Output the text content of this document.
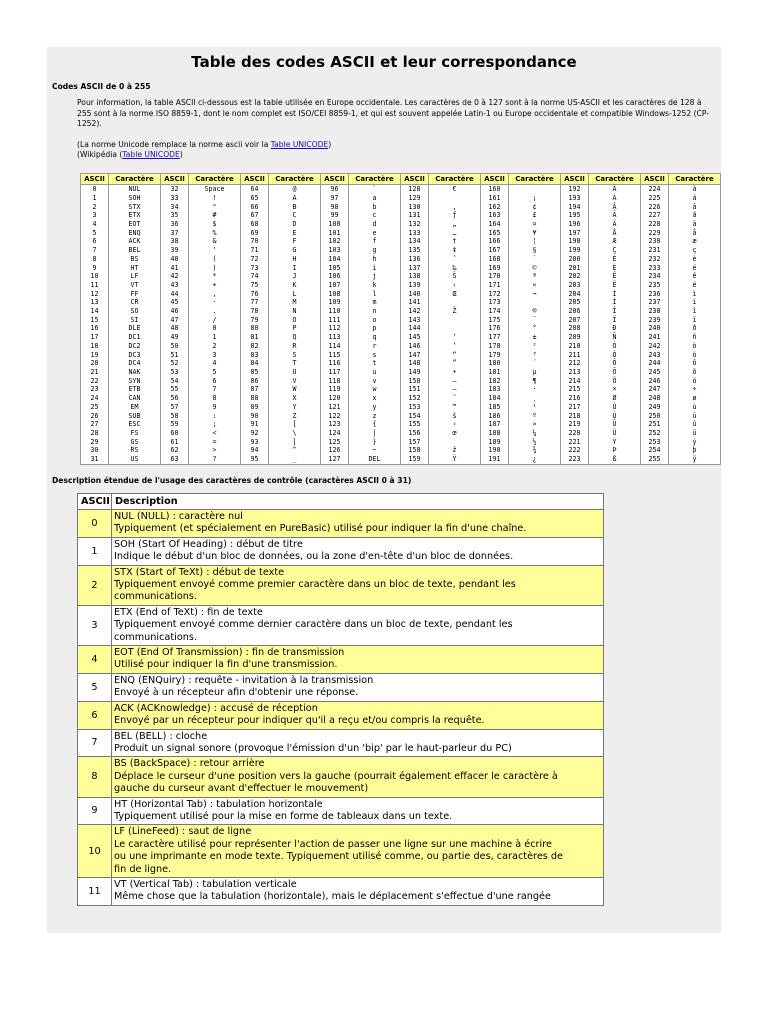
Table des codes ASCII et leur correspondance
Codes ASCII de 0 à 255
Pour information, la table ASCII ci-dessous est la table utilisée en Europe occidentale. Les caractères de 0 à 127 sont à la norme US-ASCII et les caractères de 128 à 255 sont à la norme ISO 8859-1, dont le nom complet est ISO/CEI 8859-1, et qui est souvent appelée Latin-1 ou Europe occidentale et compatible Windows-1252 (CP-1252).
(La norme Unicode remplace la norme ascii voir la Table UNICODE)
(Wikipédia (Table UNICODE)
ASCII	Caractère	ASCII	Caractère	ASCII	Caractère	ASCII	Caractère	ASCII	Caractère	ASCII	Caractère	ASCII	Caractère	ASCII	Caractère
0	NUL	32	Space	64	@	96	`	128	€	160		192	À	224	à
1	SOH	33	!	65	A	97	a	129		161	¡	193	Á	225	á
2	STX	34	"	66	B	98	b	130	‚	162	¢	194	Â	226	â
3	ETX	35	#	67	C	99	c	131	ƒ	163	£	195	Ã	227	ã
4	EOT	36	$	68	D	100	d	132	„	164	¤	196	Ä	228	ä
5	ENQ	37	%	69	E	101	e	133	…	165	¥	197	Å	229	å
6	ACK	38	&	70	F	102	f	134	†	166	¦	198	Æ	230	æ
7	BEL	39	'	71	G	103	g	135	‡	167	§	199	Ç	231	ç
8	BS	40	(	72	H	104	h	136	ˆ	168	¨	200	È	232	è
9	HT	41	)	73	I	105	i	137	‰	169	©	201	É	233	é
10	LF	42	*	74	J	106	j	138	Š	170	ª	202	Ê	234	ê
11	VT	43	+	75	K	107	k	139	‹	171	«	203	Ë	235	ë
12	FF	44	,	76	L	108	l	140	Œ	172	¬	204	Ì	236	ì
13	CR	45	-	77	M	109	m	141		173		205	Í	237	í
14	SO	46	.	78	N	110	n	142	Ž	174	®	206	Î	238	î
15	SI	47	/	79	O	111	o	143		175	¯	207	Ï	239	ï
16	DLE	48	0	80	P	112	p	144		176	°	208	Ð	240	ð
17	DC1	49	1	81	Q	113	q	145	‘	177	±	209	Ñ	241	ñ
18	DC2	50	2	82	R	114	r	146	’	178	²	210	Ò	242	ò
19	DC3	51	3	83	S	115	s	147	“	179	³	211	Ó	243	ó
20	DC4	52	4	84	T	116	t	148	”	180	´	212	Ô	244	ô
21	NAK	53	5	85	U	117	u	149	•	181	µ	213	Õ	245	õ
22	SYN	54	6	86	V	118	v	150	–	182	¶	214	Ö	246	ö
23	ETB	55	7	87	W	119	w	151	—	183	·	215	×	247	÷
24	CAN	56	8	88	X	120	x	152	˜	184	¸	216	Ø	248	ø
25	EM	57	9	89	Y	121	y	153	™	185	¹	217	Ù	249	ù
26	SUB	58	:	90	Z	122	z	154	š	186	º	218	Ú	250	ú
27	ESC	59	;	91	[	123	{	155	›	187	»	219	Û	251	û
28	FS	60	<	92	\	124	|	156	œ	188	¼	220	Ü	252	ü
29	GS	61	=	93	]	125	}	157		189	½	221	Ý	253	ý
30	RS	62	>	94	^	126	~	158	ž	190	¾	222	Þ	254	þ
31	US	63	?	95	_	127	DEL	159	Ÿ	191	¿	223	ß	255	ÿ
Description étendue de l'usage des caractères de contrôle (caractères ASCII 0 à 31)
ASCII	Description
0	NUL (NULL) : caractère nul
Typiquement (et spécialement en PureBasic) utilisé pour indiquer la fin d'une chaîne.

1	SOH (Start Of Heading) : début de titre
Indique le début d'un bloc de données, ou la zone d'en-tête d'un bloc de données.

2	STX (Start of TeXt) : début de texte
Typiquement envoyé comme premier caractère dans un bloc de texte, pendant les
communications.

3	ETX (End of TeXt) : fin de texte
Typiquement envoyé comme dernier caractère dans un bloc de texte, pendant les
communications.

4	EOT (End Of Transmission) : fin de transmission
Utilisé pour indiquer la fin d'une transmission.

5	ENQ (ENQuiry) : requête - invitation à la transmission
Envoyé à un récepteur afin d'obtenir une réponse.

6	ACK (ACKnowledge) : accusé de réception
Envoyé par un récepteur pour indiquer qu'il a reçu et/ou compris la requête.

7	BEL (BELL) : cloche
Produit un signal sonore (provoque l'émission d'un 'bip' par le haut-parleur du PC)

8	BS (BackSpace) : retour arrière
Déplace le curseur d'une position vers la gauche (pourrait également effacer le caractère à
gauche du curseur avant d'effectuer le mouvement)

9	HT (Horizontal Tab) : tabulation horizontale
Typiquement utilisé pour la mise en forme de tableaux dans un texte.

10	LF (LineFeed) : saut de ligne
Le caractère utilisé pour représenter l'action de passer une ligne sur une machine à écrire
ou une imprimante en mode texte. Typiquement utilisé comme, ou partie des, caractères de
fin de ligne.

11	VT (Vertical Tab) : tabulation verticale
Même chose que la tabulation (horizontale), mais le déplacement s'effectue d'une rangée
